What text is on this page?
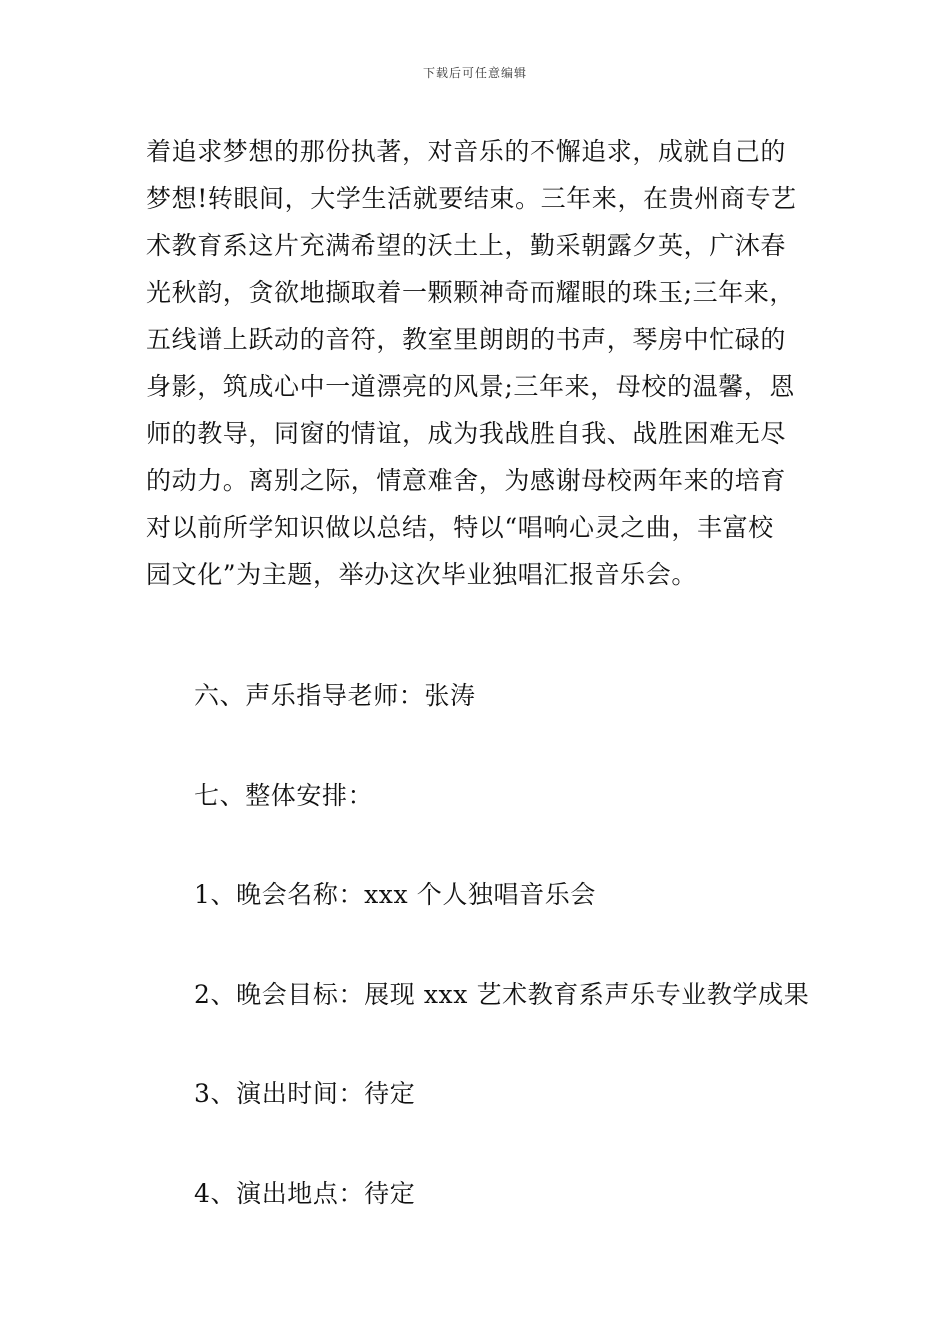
下载后可任意编辑
着追求梦想的那份执著，对音乐的不懈追求，成就自己的
梦想!转眼间，大学生活就要结束。三年来，在贵州商专艺
术教育系这片充满希望的沃土上，勤采朝露夕英，广沐春
光秋韵，贪欲地撷取着一颗颗神奇而耀眼的珠玉;三年来，
五线谱上跃动的音符，教室里朗朗的书声，琴房中忙碌的
身影，筑成心中一道漂亮的风景;三年来，母校的温馨，恩
师的教导，同窗的情谊，成为我战胜自我、战胜困难无尽
的动力。离别之际，情意难舍，为感谢母校两年来的培育
对以前所学知识做以总结，特以“唱响心灵之曲，丰富校
园文化”为主题，举办这次毕业独唱汇报音乐会。
六、声乐指导老师：张涛
七、整体安排：
1、晚会名称：xxx 个人独唱音乐会
2、晚会目标：展现 xxx 艺术教育系声乐专业教学成果
3、演出时间：待定
4、演出地点：待定
